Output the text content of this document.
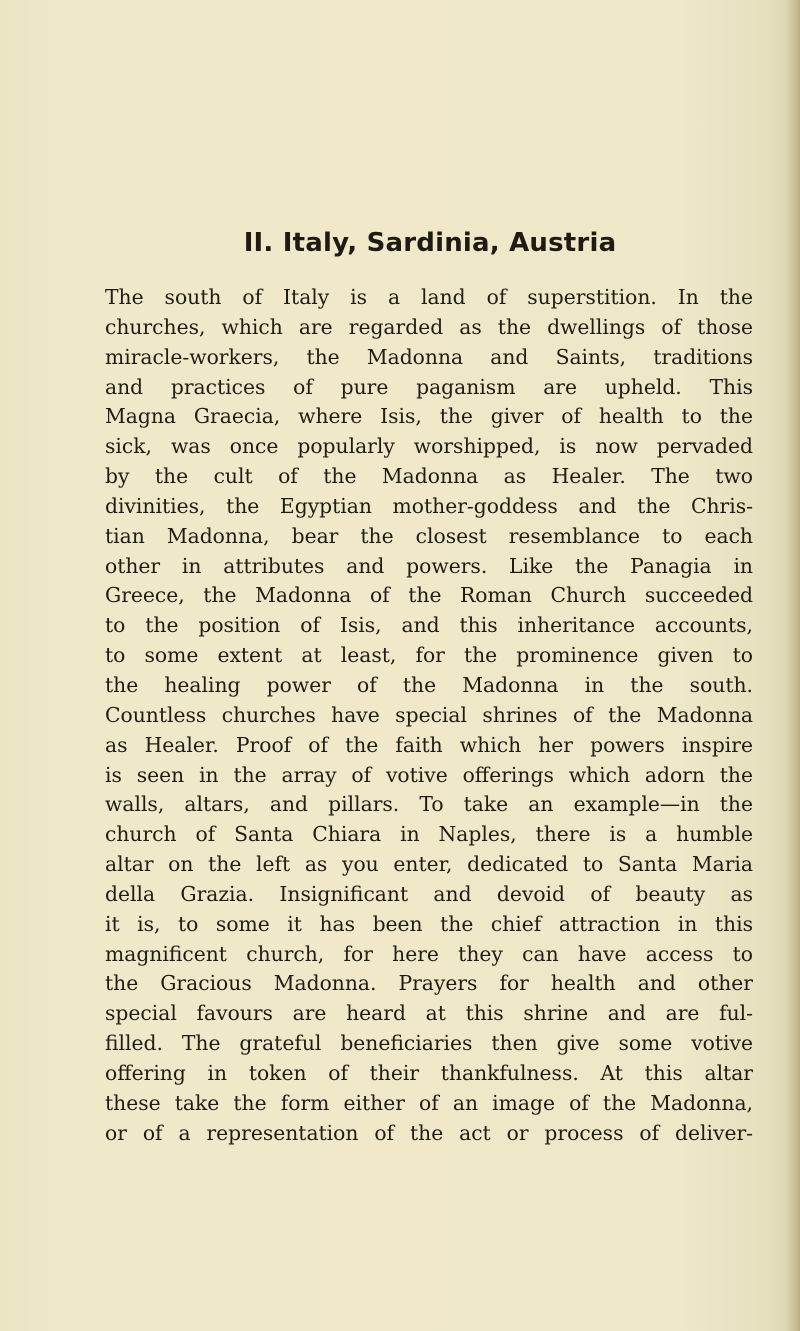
II. Italy, Sardinia, Austria
The south of Italy is a land of superstition. In the
churches, which are regarded as the dwellings of those
miracle-workers, the Madonna and Saints, traditions
and practices of pure paganism are upheld. This
Magna Graecia, where Isis, the giver of health to the
sick, was once popularly worshipped, is now pervaded
by the cult of the Madonna as Healer. The two
divinities, the Egyptian mother-goddess and the Chris-
tian Madonna, bear the closest resemblance to each
other in attributes and powers. Like the Panagia in
Greece, the Madonna of the Roman Church succeeded
to the position of Isis, and this inheritance accounts,
to some extent at least, for the prominence given to
the healing power of the Madonna in the south.
Countless churches have special shrines of the Madonna
as Healer. Proof of the faith which her powers inspire
is seen in the array of votive offerings which adorn the
walls, altars, and pillars. To take an example—in the
church of Santa Chiara in Naples, there is a humble
altar on the left as you enter, dedicated to Santa Maria
della Grazia. Insignificant and devoid of beauty as
it is, to some it has been the chief attraction in this
magnificent church, for here they can have access to
the Gracious Madonna. Prayers for health and other
special favours are heard at this shrine and are ful-
filled. The grateful beneficiaries then give some votive
offering in token of their thankfulness. At this altar
these take the form either of an image of the Madonna,
or of a representation of the act or process of deliver-
